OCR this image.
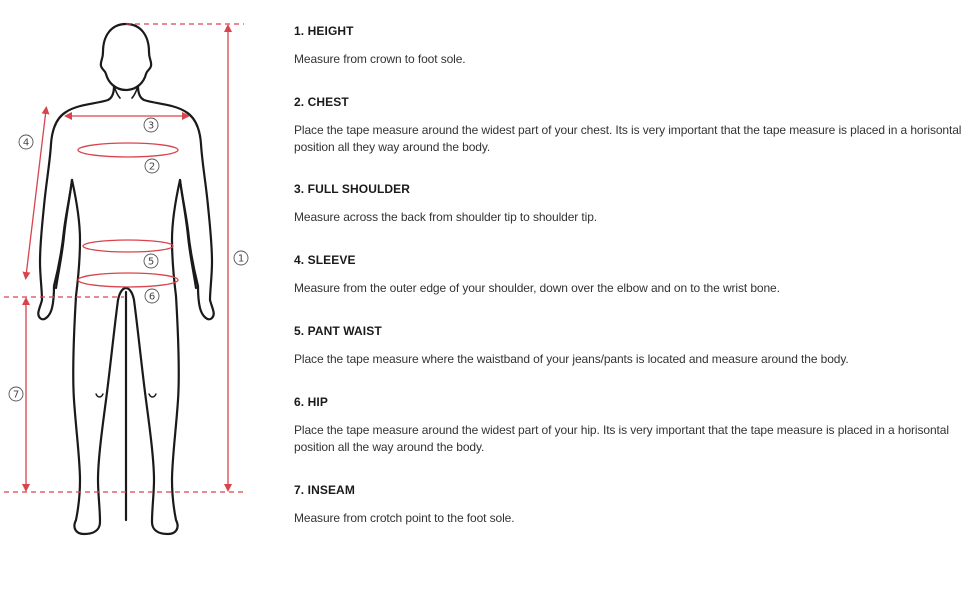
1
2
3
4
5
6
7

1. HEIGHT

Measure from crown to foot sole.

2. CHEST

Place the tape measure around the widest part of your chest. Its is very important that the tape measure is placed in a horisontal position all they way around the body.

3. FULL SHOULDER

Measure across the back from shoulder tip to shoulder tip.

4. SLEEVE

Measure from the outer edge of your shoulder, down over the elbow and on to the wrist bone.

5. PANT WAIST

Place the tape measure where the waistband of your jeans/pants is located and measure around the body.

6. HIP

Place the tape measure around the widest part of your hip. Its is very important that the tape measure is placed in a horisontal position all the way around the body.

7. INSEAM

Measure from crotch point to the foot sole.
